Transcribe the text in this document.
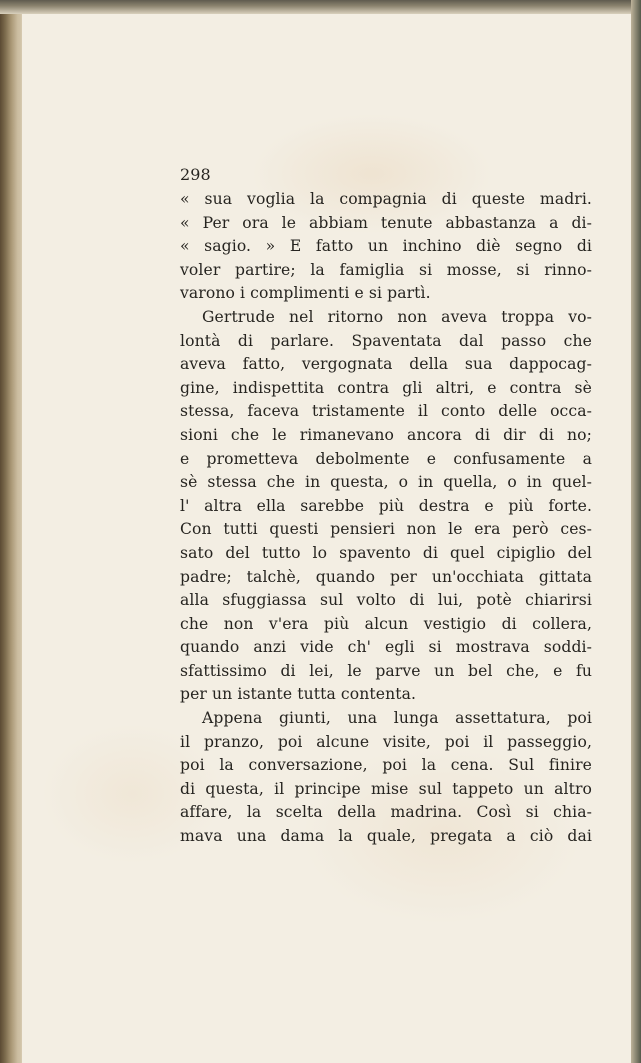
298
« sua voglia la compagnia di queste madri.
« Per ora le abbiam tenute abbastanza a di-
« sagio. » E fatto un inchino diè segno di
voler partire; la famiglia si mosse, si rinno-
varono i complimenti e si partì.
Gertrude nel ritorno non aveva troppa vo-
lontà di parlare. Spaventata dal passo che
aveva fatto, vergognata della sua dappocag-
gine, indispettita contra gli altri, e contra sè
stessa, faceva tristamente il conto delle occa-
sioni che le rimanevano ancora di dir di no;
e prometteva debolmente e confusamente a
sè stessa che in questa, o in quella, o in quel-
l' altra ella sarebbe più destra e più forte.
Con tutti questi pensieri non le era però ces-
sato del tutto lo spavento di quel cipiglio del
padre; talchè, quando per un'occhiata gittata
alla sfuggiassa sul volto di lui, potè chiarirsi
che non v'era più alcun vestigio di collera,
quando anzi vide ch' egli si mostrava soddi-
sfattissimo di lei, le parve un bel che, e fu
per un istante tutta contenta.
Appena giunti, una lunga assettatura, poi
il pranzo, poi alcune visite, poi il passeggio,
poi la conversazione, poi la cena. Sul finire
di questa, il principe mise sul tappeto un altro
affare, la scelta della madrina. Così si chia-
mava una dama la quale, pregata a ciò dai
